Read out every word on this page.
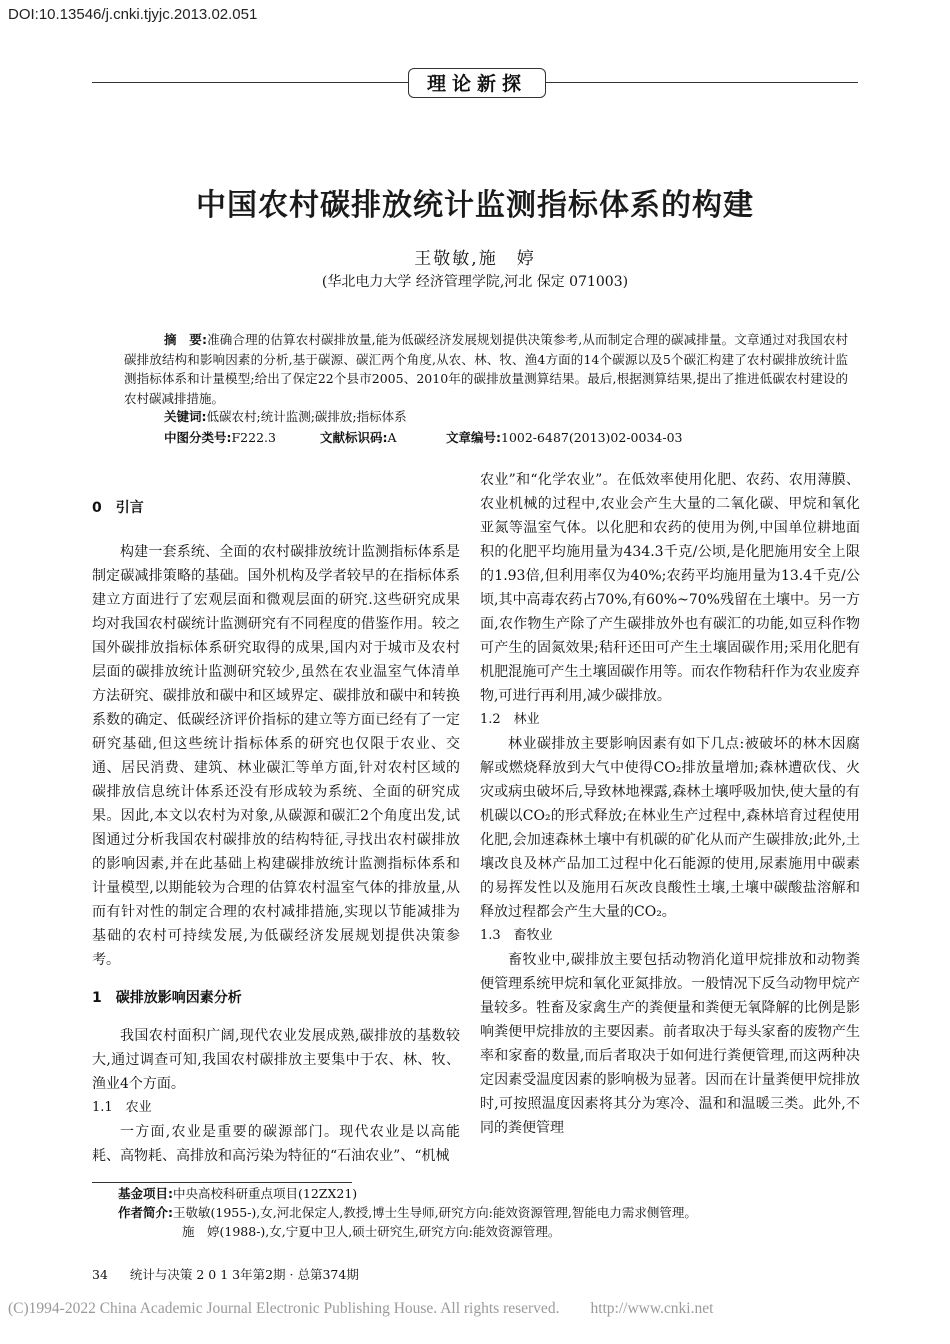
DOI:10.13546/j.cnki.tjyjc.2013.02.051
理论新探
中国农村碳排放统计监测指标体系的构建
王敬敏,施　婷
(华北电力大学 经济管理学院,河北 保定 071003)
摘　要:准确合理的估算农村碳排放量,能为低碳经济发展规划提供决策参考,从而制定合理的碳减排量。文章通过对我国农村碳排放结构和影响因素的分析,基于碳源、碳汇两个角度,从农、林、牧、渔4方面的14个碳源以及5个碳汇构建了农村碳排放统计监测指标体系和计量模型;给出了保定22个县市2005、2010年的碳排放量测算结果。最后,根据测算结果,提出了推进低碳农村建设的农村碳减排措施。
关键词:低碳农村;统计监测;碳排放;指标体系
中图分类号:F222.3	文献标识码:A	文章编号:1002-6487(2013)02-0034-03
0　引言

构建一套系统、全面的农村碳排放统计监测指标体系是制定碳减排策略的基础。国外机构及学者较早的在指标体系建立方面进行了宏观层面和微观层面的研究.这些研究成果均对我国农村碳统计监测研究有不同程度的借鉴作用。较之国外碳排放指标体系研究取得的成果,国内对于城市及农村层面的碳排放统计监测研究较少,虽然在农业温室气体清单方法研究、碳排放和碳中和区域界定、碳排放和碳中和转换系数的确定、低碳经济评价指标的建立等方面已经有了一定研究基础,但这些统计指标体系的研究也仅限于农业、交通、居民消费、建筑、林业碳汇等单方面,针对农村区域的碳排放信息统计体系还没有形成较为系统、全面的研究成果。因此,本文以农村为对象,从碳源和碳汇2个角度出发,试图通过分析我国农村碳排放的结构特征,寻找出农村碳排放的影响因素,并在此基础上构建碳排放统计监测指标体系和计量模型,以期能较为合理的估算农村温室气体的排放量,从而有针对性的制定合理的农村减排措施,实现以节能减排为基础的农村可持续发展,为低碳经济发展规划提供决策参考。

1　碳排放影响因素分析

我国农村面积广阔,现代农业发展成熟,碳排放的基数较大,通过调查可知,我国农村碳排放主要集中于农、林、牧、渔业4个方面。

1.1　农业

一方面,农业是重要的碳源部门。现代农业是以高能耗、高物耗、高排放和高污染为特征的“石油农业”、“机械

农业”和“化学农业”。在低效率使用化肥、农药、农用薄膜、农业机械的过程中,农业会产生大量的二氧化碳、甲烷和氧化亚氮等温室气体。以化肥和农药的使用为例,中国单位耕地面积的化肥平均施用量为434.3千克/公顷,是化肥施用安全上限的1.93倍,但利用率仅为40%;农药平均施用量为13.4千克/公顷,其中高毒农药占70%,有60%~70%残留在土壤中。另一方面,农作物生产除了产生碳排放外也有碳汇的功能,如豆科作物可产生的固氮效果;秸秆还田可产生土壤固碳作用;采用化肥有机肥混施可产生土壤固碳作用等。而农作物秸秆作为农业废弃物,可进行再利用,减少碳排放。

1.2　林业

林业碳排放主要影响因素有如下几点:被破坏的林木因腐解或燃烧释放到大气中使得CO₂排放量增加;森林遭砍伐、火灾或病虫破坏后,导致林地裸露,森林土壤呼吸加快,使大量的有机碳以CO₂的形式释放;在林业生产过程中,森林培育过程使用化肥,会加速森林土壤中有机碳的矿化从而产生碳排放;此外,土壤改良及林产品加工过程中化石能源的使用,尿素施用中碳素的易挥发性以及施用石灰改良酸性土壤,土壤中碳酸盐溶解和释放过程都会产生大量的CO₂。

1.3　畜牧业

畜牧业中,碳排放主要包括动物消化道甲烷排放和动物粪便管理系统甲烷和氧化亚氮排放。一般情况下反刍动物甲烷产量较多。牲畜及家禽生产的粪便量和粪便无氧降解的比例是影响粪便甲烷排放的主要因素。前者取决于每头家畜的废物产生率和家畜的数量,而后者取决于如何进行粪便管理,而这两种决定因素受温度因素的影响极为显著。因而在计量粪便甲烷排放时,可按照温度因素将其分为寒冷、温和和温暖三类。此外,不同的粪便管理

基金项目:中央高校科研重点项目(12ZX21)
作者简介:王敬敏(1955-),女,河北保定人,教授,博士生导师,研究方向:能效资源管理,智能电力需求侧管理。
施　婷(1988-),女,宁夏中卫人,硕士研究生,研究方向:能效资源管理。
34 统计与决策 2 0 1 3年第2期 · 总第374期
(C)1994-2022 China Academic Journal Electronic Publishing House. All rights reserved.　　http://www.cnki.net
